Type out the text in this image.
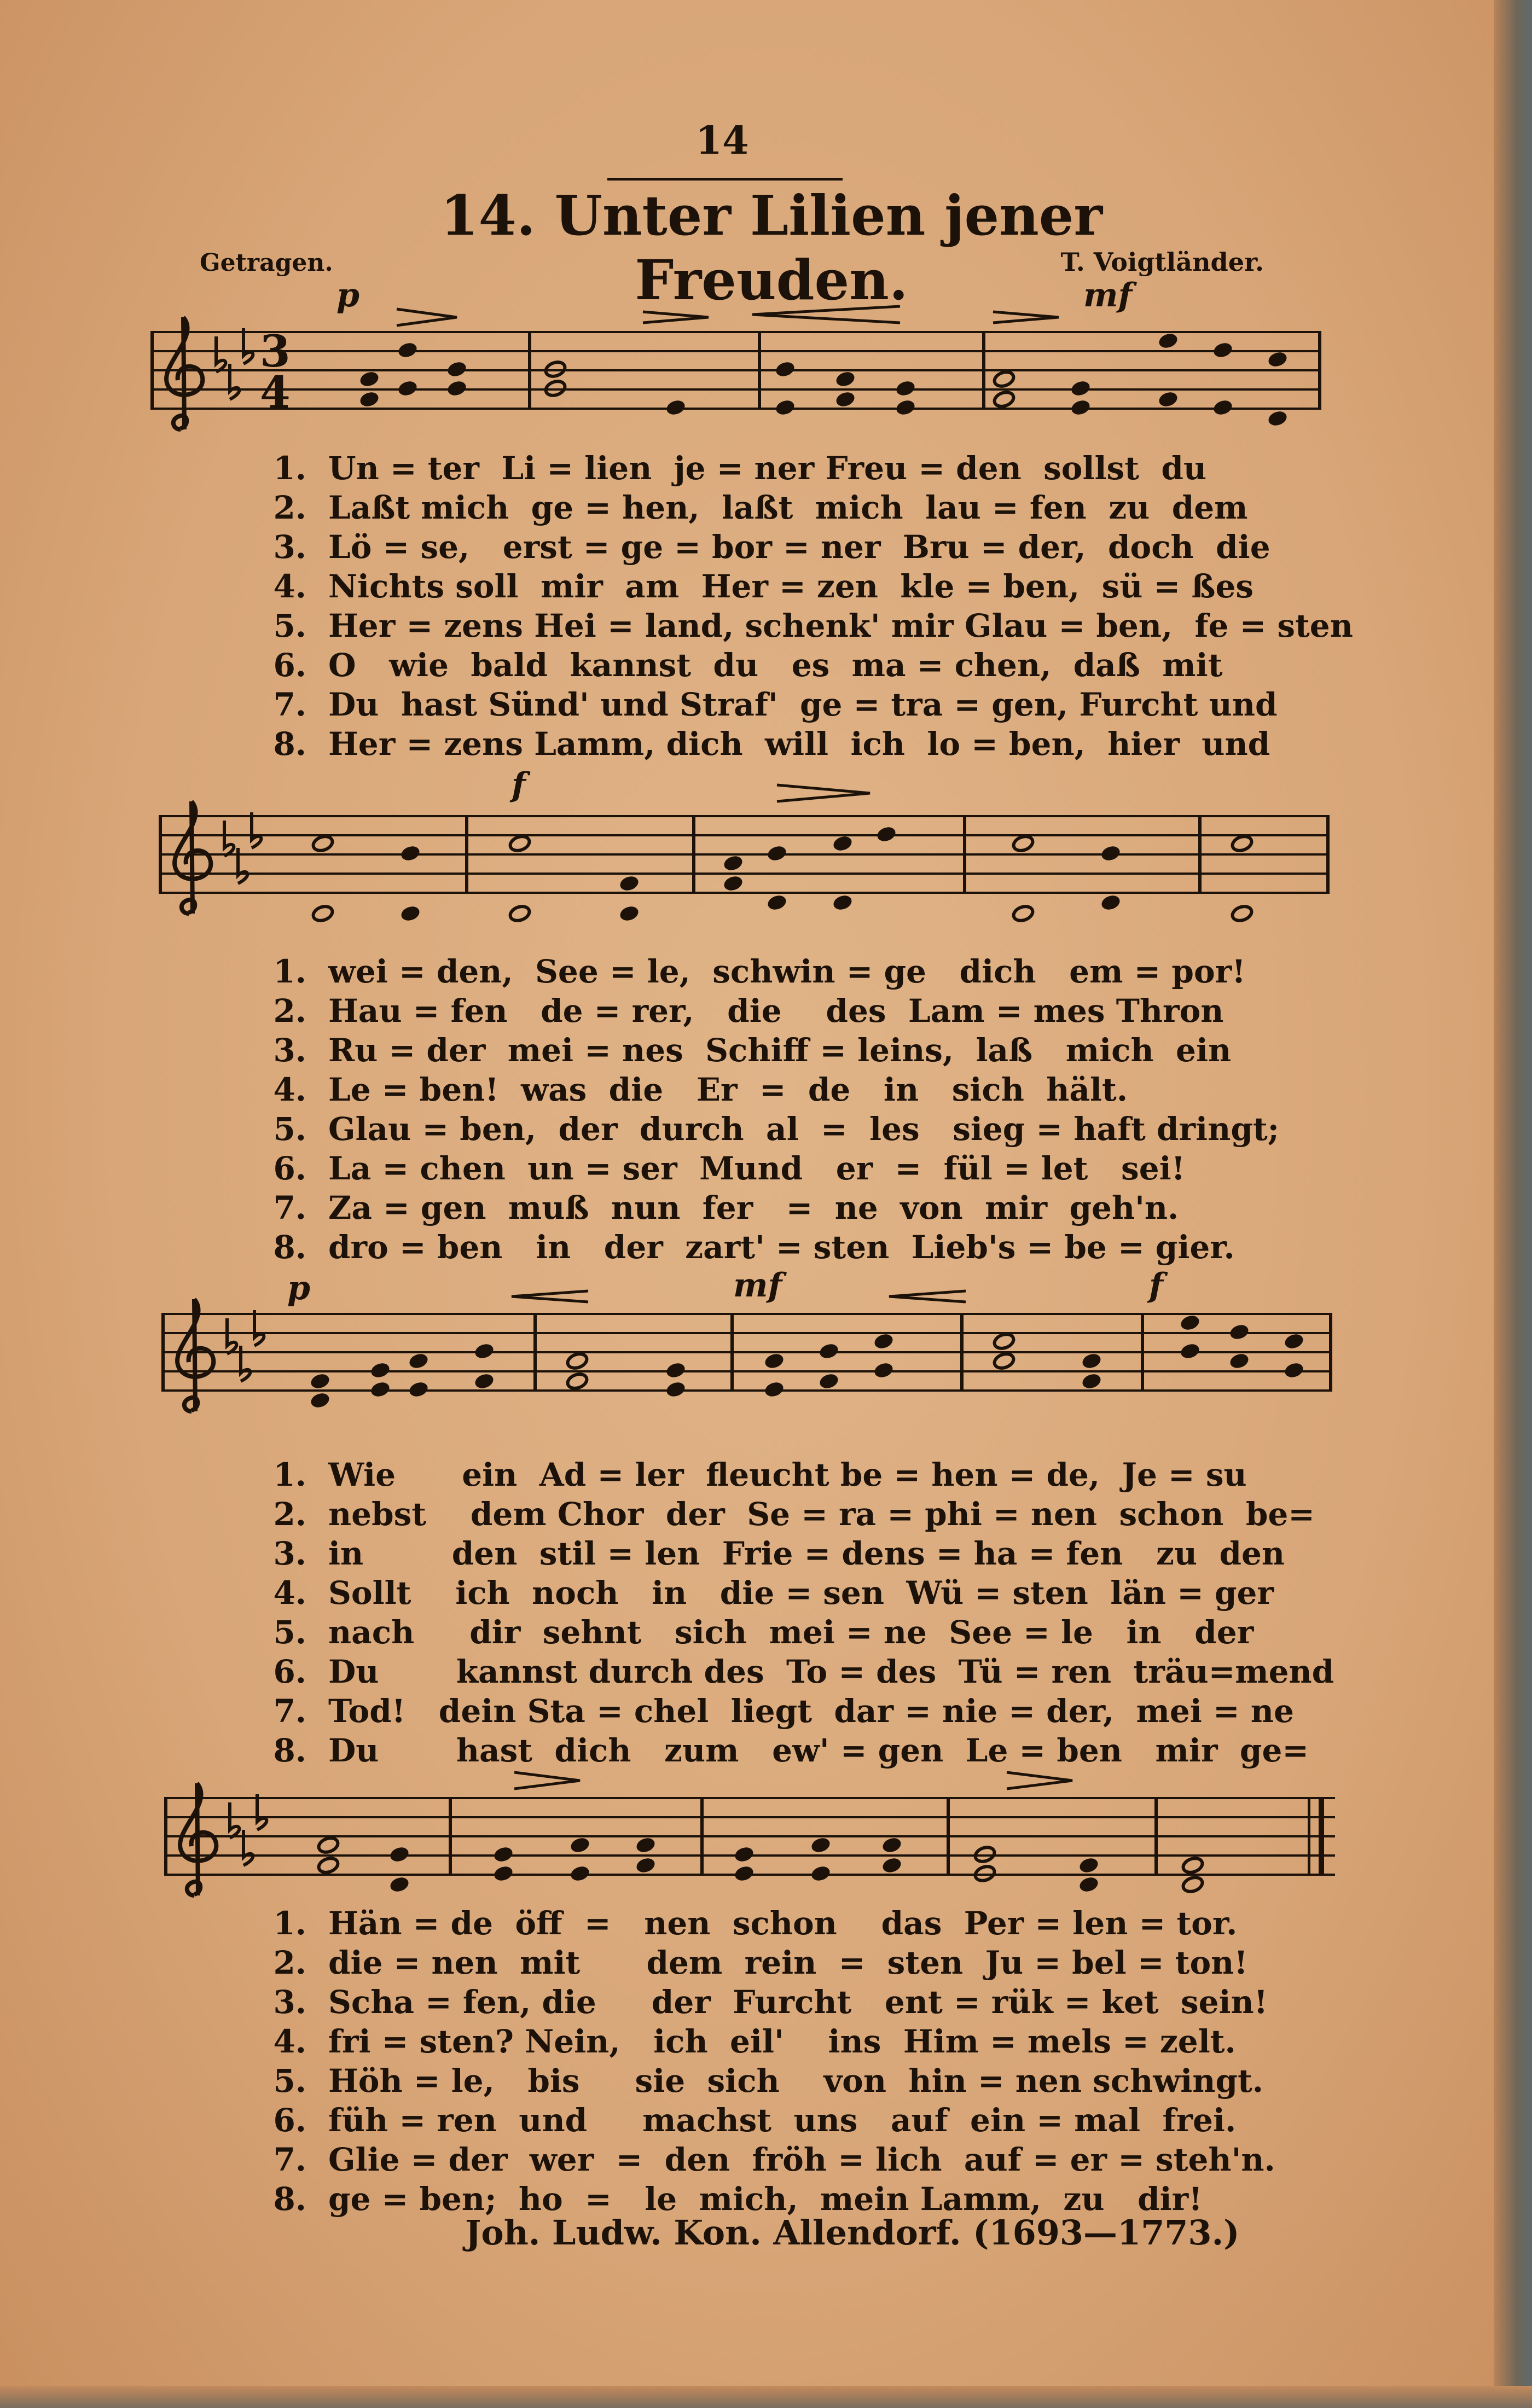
14
14. Unter Lilien jener Freuden.
Getragen.	T. Voigtländer.
p	mf
f
p	mf	f
3
4
1. Un = ter  Li = lien  je = ner Freu = den  sollst  du
2. Laßt mich  ge = hen,  laßt  mich  lau = fen  zu  dem
3. Lö = se,   erst = ge = bor = ner  Bru = der,  doch  die
4. Nichts soll  mir  am  Her = zen  kle = ben,  sü = ßes
5. Her = zens Hei = land, schenk' mir Glau = ben,  fe = sten
6. O   wie  bald  kannst  du   es  ma = chen,  daß  mit
7. Du  hast Sünd' und Straf'  ge = tra = gen, Furcht und
8. Her = zens Lamm, dich  will  ich  lo = ben,  hier  und
1. wei = den,  See = le,  schwin = ge   dich   em = por!
2. Hau = fen   de = rer,   die    des  Lam = mes Thron
3. Ru = der  mei = nes  Schiff = leins,  laß   mich  ein
4. Le = ben!  was  die   Er  =  de   in   sich  hält.
5. Glau = ben,  der  durch  al  =  les   sieg = haft dringt;
6. La = chen  un = ser  Mund   er  =  fül = let   sei!
7. Za = gen  muß  nun  fer   =  ne  von  mir  geh'n.
8. dro = ben   in   der  zart' = sten  Lieb's = be = gier.
1. Wie      ein  Ad = ler  fleucht be = hen = de,  Je = su
2. nebst    dem Chor  der  Se = ra = phi = nen  schon  be=
3. in        den  stil = len  Frie = dens = ha = fen   zu  den
4. Sollt    ich  noch   in   die = sen  Wü = sten  län = ger
5. nach     dir  sehnt   sich  mei = ne  See = le   in   der
6. Du       kannst durch des  To = des  Tü = ren  träu=mend
7. Tod!   dein Sta = chel  liegt  dar = nie = der,  mei = ne
8. Du       hast  dich   zum   ew' = gen  Le = ben   mir  ge=
1. Hän = de  öff  =   nen  schon    das  Per = len = tor.
2. die = nen  mit      dem  rein  =  sten  Ju = bel = ton!
3. Scha = fen, die     der  Furcht   ent = rük = ket  sein!
4. fri = sten? Nein,   ich  eil'    ins  Him = mels = zelt.
5. Höh = le,   bis     sie  sich    von  hin = nen schwingt.
6. füh = ren  und     machst  uns   auf  ein = mal  frei.
7. Glie = der  wer  =  den  fröh = lich  auf = er = steh'n.
8. ge = ben;  ho  =   le  mich,  mein Lamm,  zu   dir!
Joh. Ludw. Kon. Allendorf. (1693—1773.)
